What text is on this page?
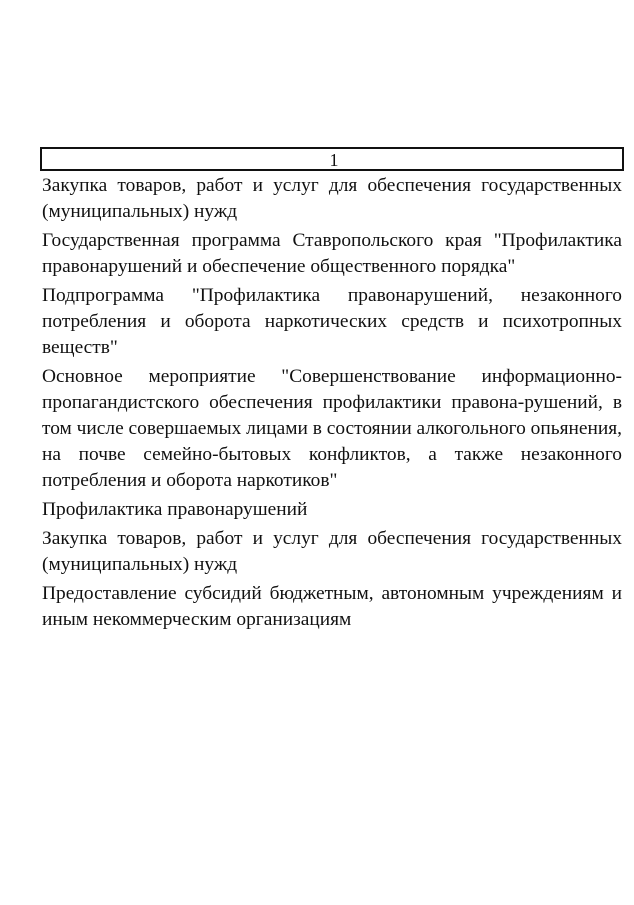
1

Закупка товаров, работ и услуг для обеспечения государственных (муниципальных) нужд

Государственная программа Ставропольского края "Профилактика правонарушений и обеспечение общественного порядка"

Подпрограмма "Профилактика правонарушений, незаконного потребления и оборота наркотических средств и психотропных веществ"

Основное мероприятие "Совершенствование информационно-пропагандистского обеспечения профилактики правона-рушений, в том числе совершаемых лицами в состоянии алкогольного опьянения, на почве семейно-бытовых конфликтов, а также незаконного потребления и оборота наркотиков"

Профилактика правонарушений

Закупка товаров, работ и услуг для обеспечения государственных (муниципальных) нужд

Предоставление субсидий бюджетным, автономным учреждениям и иным некоммерческим организациям
